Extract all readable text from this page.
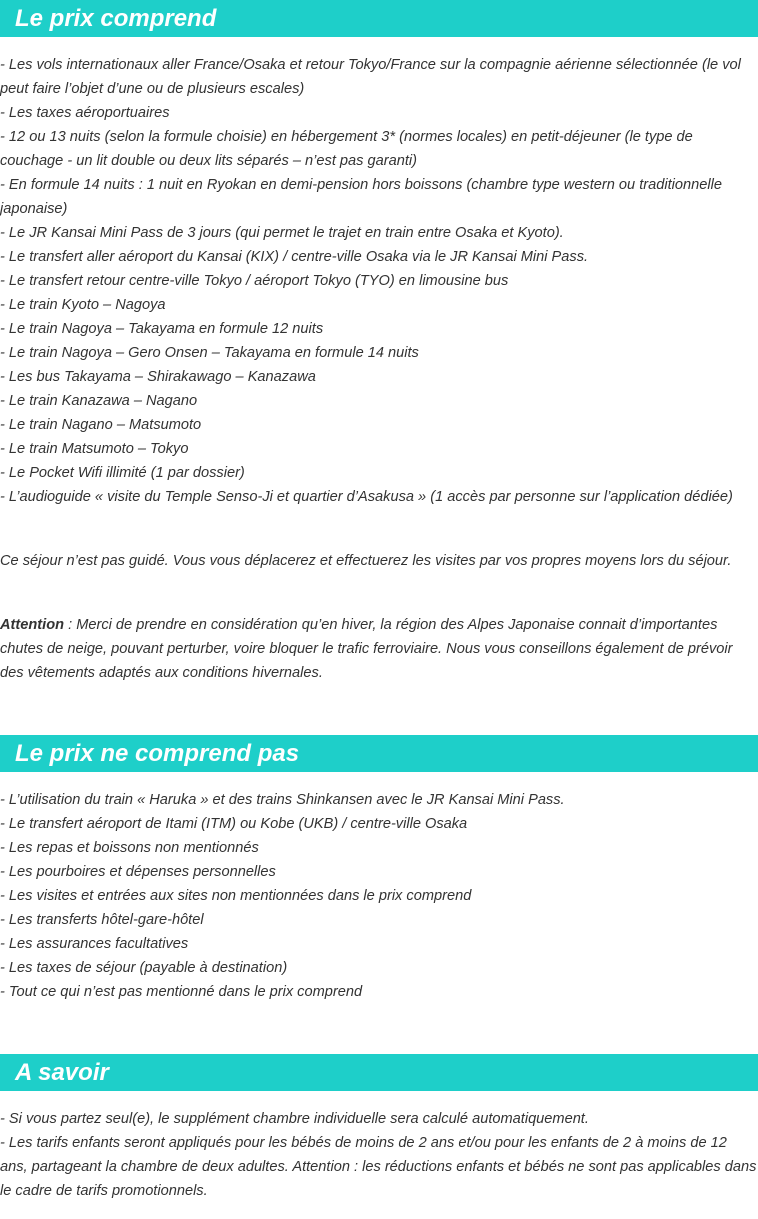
Le prix comprend
- Les vols internationaux aller France/Osaka et retour Tokyo/France sur la compagnie aérienne sélectionnée (le vol peut faire l’objet d’une ou de plusieurs escales)
- Les taxes aéroportuaires
- 12 ou 13 nuits (selon la formule choisie) en hébergement 3* (normes locales) en petit-déjeuner (le type de couchage - un lit double ou deux lits séparés – n’est pas garanti)
- En formule 14 nuits : 1 nuit en Ryokan en demi-pension hors boissons (chambre type western ou traditionnelle japonaise)
- Le JR Kansai Mini Pass de 3 jours (qui permet le trajet en train entre Osaka et Kyoto).
- Le transfert aller aéroport du Kansai (KIX) / centre-ville Osaka via le JR Kansai Mini Pass.
- Le transfert retour centre-ville Tokyo / aéroport Tokyo (TYO) en limousine bus
- Le train Kyoto – Nagoya
- Le train Nagoya – Takayama en formule 12 nuits
- Le train Nagoya – Gero Onsen – Takayama en formule 14 nuits
- Les bus Takayama – Shirakawago – Kanazawa
- Le train Kanazawa – Nagano
- Le train Nagano – Matsumoto
- Le train Matsumoto – Tokyo
- Le Pocket Wifi illimité (1 par dossier)
- L’audioguide « visite du Temple Senso-Ji et quartier d’Asakusa » (1 accès par personne sur l’application dédiée)

Ce séjour n’est pas guidé. Vous vous déplacerez et effectuerez les visites par vos propres moyens lors du séjour.

Attention : Merci de prendre en considération qu’en hiver, la région des Alpes Japonaise connait d’importantes chutes de neige, pouvant perturber, voire bloquer le trafic ferroviaire. Nous vous conseillons également de prévoir des vêtements adaptés aux conditions hivernales.

Le prix ne comprend pas
- L’utilisation du train « Haruka » et des trains Shinkansen avec le JR Kansai Mini Pass.
- Le transfert aéroport de Itami (ITM) ou Kobe (UKB) / centre-ville Osaka
- Les repas et boissons non mentionnés
- Les pourboires et dépenses personnelles
- Les visites et entrées aux sites non mentionnées dans le prix comprend
- Les transferts hôtel-gare-hôtel
- Les assurances facultatives
- Les taxes de séjour (payable à destination)
- Tout ce qui n’est pas mentionné dans le prix comprend
A savoir
- Si vous partez seul(e), le supplément chambre individuelle sera calculé automatiquement.
- Les tarifs enfants seront appliqués pour les bébés de moins de 2 ans et/ou pour les enfants de 2 à moins de 12 ans, partageant la chambre de deux adultes. Attention : les réductions enfants et bébés ne sont pas applicables dans le cadre de tarifs promotionnels.
